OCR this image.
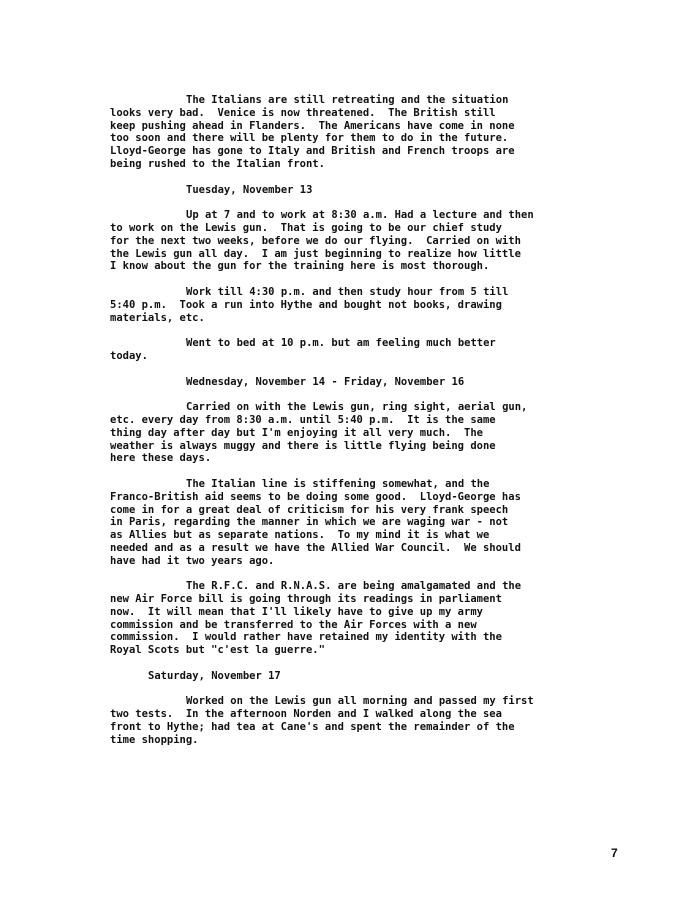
The Italians are still retreating and the situation
looks very bad.  Venice is now threatened.  The British still
keep pushing ahead in Flanders.  The Americans have come in none
too soon and there will be plenty for them to do in the future.
Lloyd-George has gone to Italy and British and French troops are
being rushed to the Italian front.
Tuesday, November 13
Up at 7 and to work at 8:30 a.m. Had a lecture and then
to work on the Lewis gun.  That is going to be our chief study
for the next two weeks, before we do our flying.  Carried on with
the Lewis gun all day.  I am just beginning to realize how little
I know about the gun for the training here is most thorough.
Work till 4:30 p.m. and then study hour from 5 till
5:40 p.m.  Took a run into Hythe and bought not books, drawing
materials, etc.
Went to bed at 10 p.m. but am feeling much better
today.
Wednesday, November 14 - Friday, November 16
Carried on with the Lewis gun, ring sight, aerial gun,
etc. every day from 8:30 a.m. until 5:40 p.m.  It is the same
thing day after day but I'm enjoying it all very much.  The
weather is always muggy and there is little flying being done
here these days.
The Italian line is stiffening somewhat, and the
Franco-British aid seems to be doing some good.  Lloyd-George has
come in for a great deal of criticism for his very frank speech
in Paris, regarding the manner in which we are waging war - not
as Allies but as separate nations.  To my mind it is what we
needed and as a result we have the Allied War Council.  We should
have had it two years ago.
The R.F.C. and R.N.A.S. are being amalgamated and the
new Air Force bill is going through its readings in parliament
now.  It will mean that I'll likely have to give up my army
commission and be transferred to the Air Forces with a new
commission.  I would rather have retained my identity with the
Royal Scots but "c'est la guerre."
Saturday, November 17
Worked on the Lewis gun all morning and passed my first
two tests.  In the afternoon Norden and I walked along the sea
front to Hythe; had tea at Cane's and spent the remainder of the
time shopping.
7
